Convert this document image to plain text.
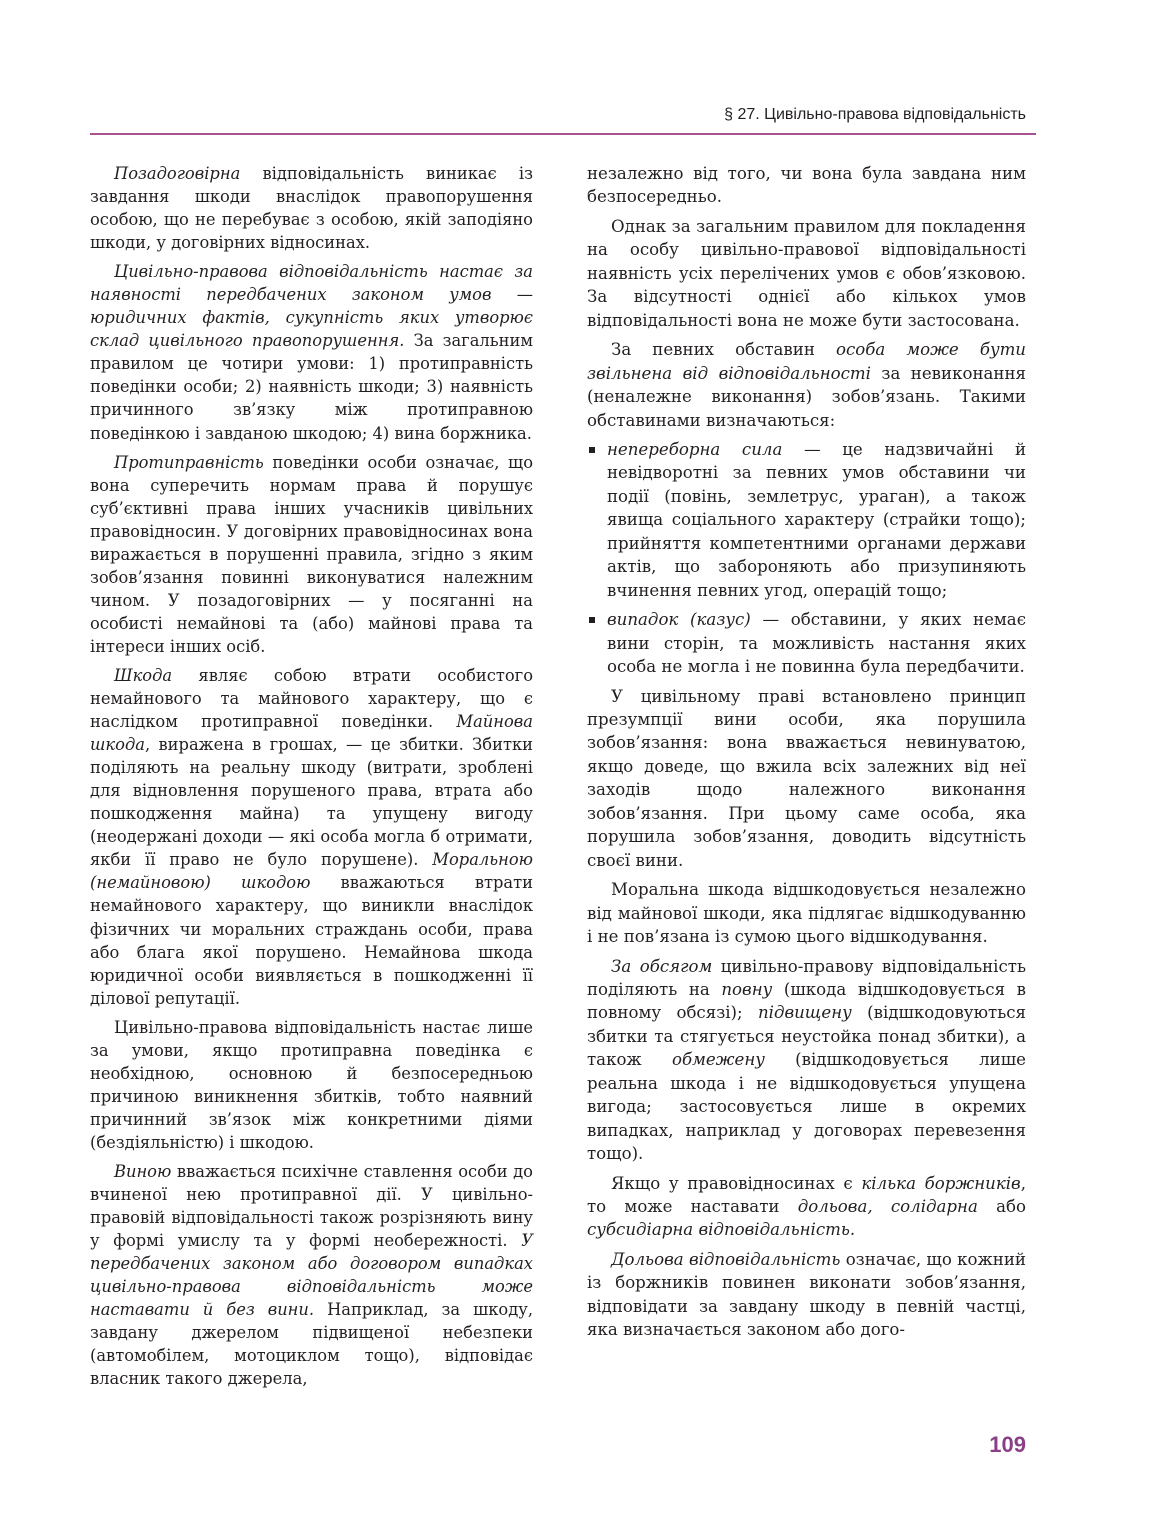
§ 27. Цивільно-правова відповідальність

Позадоговірна відповідальність виникає із завдання шкоди внаслідок правопорушення особою, що не перебуває з особою, якій заподіяно шкоди, у договірних відносинах.

Цивільно-правова відповідальність настає за наявності передбачених законом умов — юридичних фактів, сукупність яких утворює склад цивільного правопорушення. За загальним правилом це чотири умови: 1) протиправність поведінки особи; 2) наявність шкоди; 3) наявність причинного зв’язку між протиправною поведінкою і завданою шкодою; 4) вина боржника.

Протиправність поведінки особи означає, що вона суперечить нормам права й порушує суб’єктивні права інших учасників цивільних правовідносин. У договірних правовідносинах вона виражається в порушенні правила, згідно з яким зобов’язання повинні виконуватися належним чином. У позадоговірних — у посяганні на особисті немайнові та (або) майнові права та інтереси інших осіб.

Шкода являє собою втрати особистого немайнового та майнового характеру, що є наслідком протиправної поведінки. Майнова шкода, виражена в грошах, — це збитки. Збитки поділяють на реальну шкоду (витрати, зроблені для відновлення порушеного права, втрата або пошкодження майна) та упущену вигоду (неодержані доходи — які особа могла б отримати, якби її право не було порушене). Моральною (немайновою) шкодою вважаються втрати немайнового характеру, що виникли внаслідок фізичних чи моральних страждань особи, права або блага якої порушено. Немайнова шкода юридичної особи виявляється в пошкодженні її ділової репутації.

Цивільно-правова відповідальність настає лише за умови, якщо протиправна поведінка є необхідною, основною й безпосередньою причиною виникнення збитків, тобто наявний причинний зв’язок між конкретними діями (бездіяльністю) і шкодою.

Виною вважається психічне ставлення особи до вчиненої нею протиправної дії. У цивільно-правовій відповідальності також розрізняють вину у формі умислу та у формі необережності. У передбачених законом або договором випадках цивільно-правова відповідальність може наставати й без вини. Наприклад, за шкоду, завдану джерелом підвищеної небезпеки (автомобілем, мотоциклом тощо), відповідає власник такого джерела,

незалежно від того, чи вона була завдана ним безпосередньо.

Однак за загальним правилом для покладення на особу цивільно-правової відповідальності наявність усіх перелічених умов є обов’язковою. За відсутності однієї або кількох умов відповідальності вона не може бути застосована.

За певних обставин особа може бути звільнена від відповідальності за невиконання (неналежне виконання) зобов’язань. Такими обставинами визначаються:

непереборна сила — це надзвичайні й невідворотні за певних умов обставини чи події (повінь, землетрус, ураган), а також явища соціального характеру (страйки тощо); прийняття компетентними органами держави актів, що забороняють або призупиняють вчинення певних угод, операцій тощо;

випадок (казус) — обставини, у яких немає вини сторін, та можливість настання яких особа не могла і не повинна була передбачити.

У цивільному праві встановлено принцип презумпції вини особи, яка порушила зобов’язання: вона вважається невинуватою, якщо доведе, що вжила всіх залежних від неї заходів щодо належного виконання зобов’язання. При цьому саме особа, яка порушила зобов’язання, доводить відсутність своєї вини.

Моральна шкода відшкодовується незалежно від майнової шкоди, яка підлягає відшкодуванню і не пов’язана із сумою цього відшкодування.

За обсягом цивільно-правову відповідальність поділяють на повну (шкода відшкодовується в повному обсязі); підвищену (відшкодовуються збитки та стягується неустойка понад збитки), а також обмежену (відшкодовується лише реальна шкода і не відшкодовується упущена вигода; застосовується лише в окремих випадках, наприклад у договорах перевезення тощо).

Якщо у правовідносинах є кілька боржників, то може наставати дольова, солідарна або субсидіарна відповідальність.

Дольова відповідальність означає, що кожний із боржників повинен виконати зобов’язання, відповідати за завдану шкоду в певній частці, яка визначається законом або дого-

109
